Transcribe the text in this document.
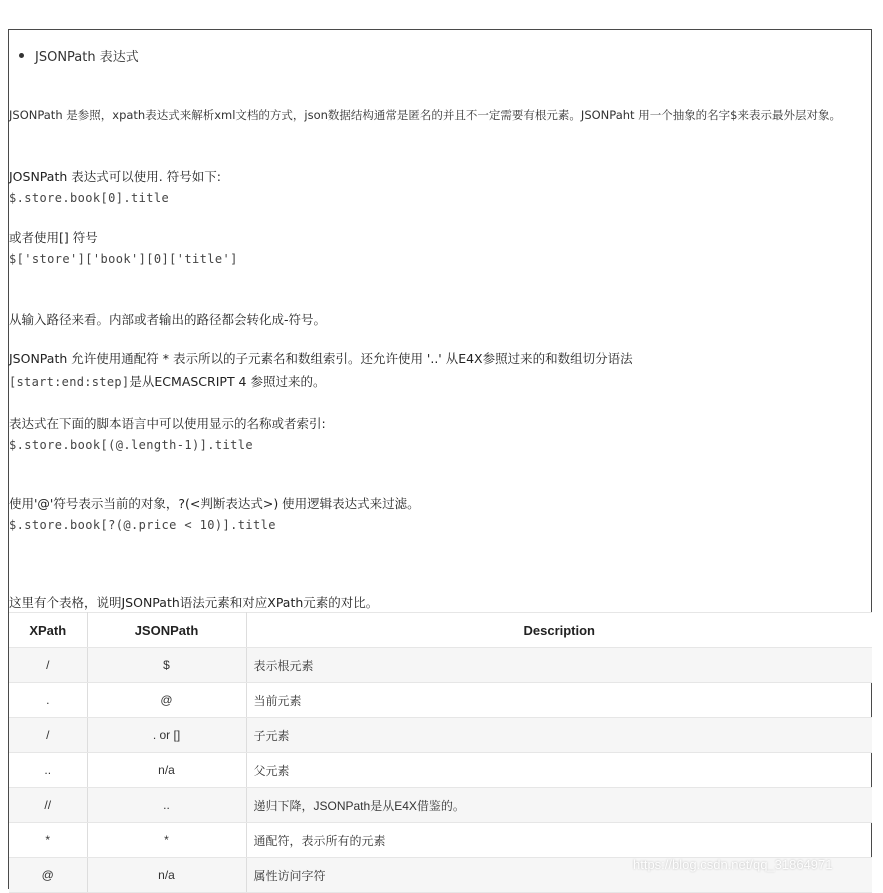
JSONPath 表达式
JSONPath 是参照，xpath表达式来解析xml文档的方式，json数据结构通常是匿名的并且不一定需要有根元素。JSONPaht 用一个抽象的名字$来表示最外层对象。
JOSNPath 表达式可以使用. 符号如下:
$.store.book[0].title
或者使用[] 符号
$['store']['book'][0]['title']
从输入路径来看。内部或者输出的路径都会转化成-符号。
JSONPath 允许使用通配符 * 表示所以的子元素名和数组索引。还允许使用 '..' 从E4X参照过来的和数组切分语法
[start:end:step]是从ECMASCRIPT 4 参照过来的。
表达式在下面的脚本语言中可以使用显示的名称或者索引:
$.store.book[(@.length-1)].title
使用'@'符号表示当前的对象，?(<判断表达式>) 使用逻辑表达式来过滤。
$.store.book[?(@.price < 10)].title
这里有个表格，说明JSONPath语法元素和对应XPath元素的对比。
XPath	JSONPath	Description
/	$	表示根元素
.	@	当前元素
/	. or []	子元素
..	n/a	父元素
//	..	递归下降，JSONPath是从E4X借鉴的。
*	*	通配符，表示所有的元素
@	n/a	属性访问字符
https://blog.csdn.net/qq_31864971
